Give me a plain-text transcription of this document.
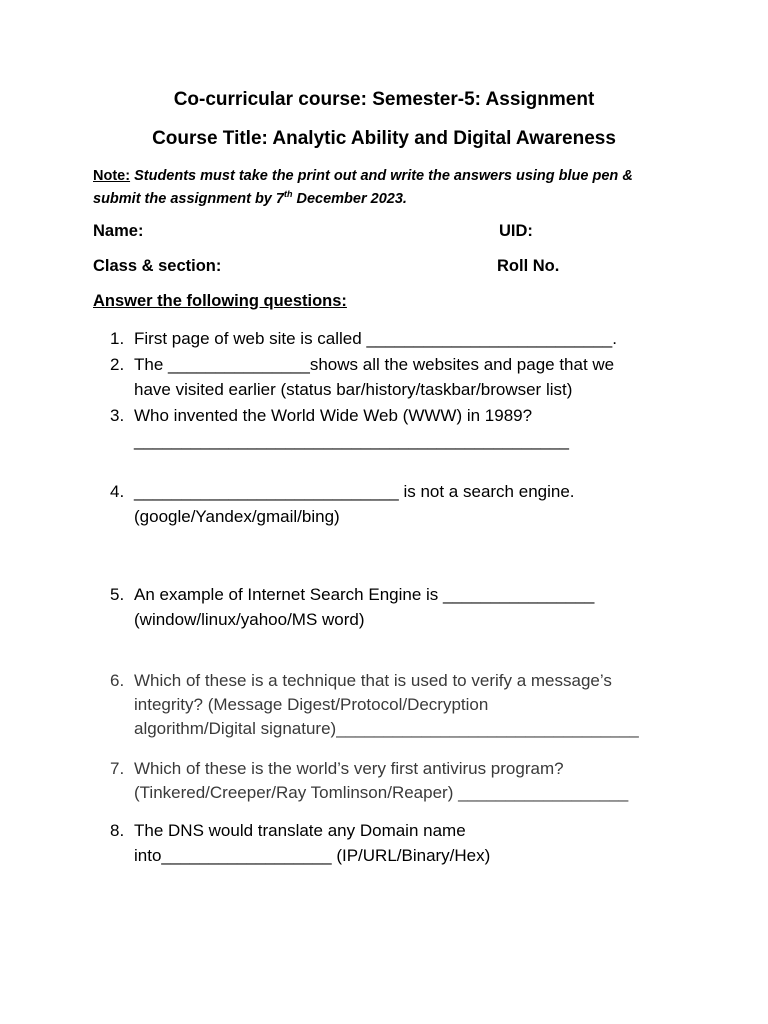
Co-curricular course: Semester-5: Assignment
Course Title: Analytic Ability and Digital Awareness
Note: Students must take the print out and write the answers using blue pen &
submit the assignment by 7th December 2023.
Name:	UID:
Class & section:	Roll No.
Answer the following questions:
1. First page of web site is called __________________________.
2. The _______________shows all the websites and page that we
have visited earlier (status bar/history/taskbar/browser list)
3. Who invented the World Wide Web (WWW) in 1989?
______________________________________________
4. ____________________________ is not a search engine.
(google/Yandex/gmail/bing)
5. An example of Internet Search Engine is ________________
(window/linux/yahoo/MS word)
6. Which of these is a technique that is used to verify a message’s
integrity? (Message Digest/Protocol/Decryption
algorithm/Digital signature)________________________________
7. Which of these is the world’s very first antivirus program?
(Tinkered/Creeper/Ray Tomlinson/Reaper) __________________
8. The DNS would translate any Domain name
into__________________ (IP/URL/Binary/Hex)
